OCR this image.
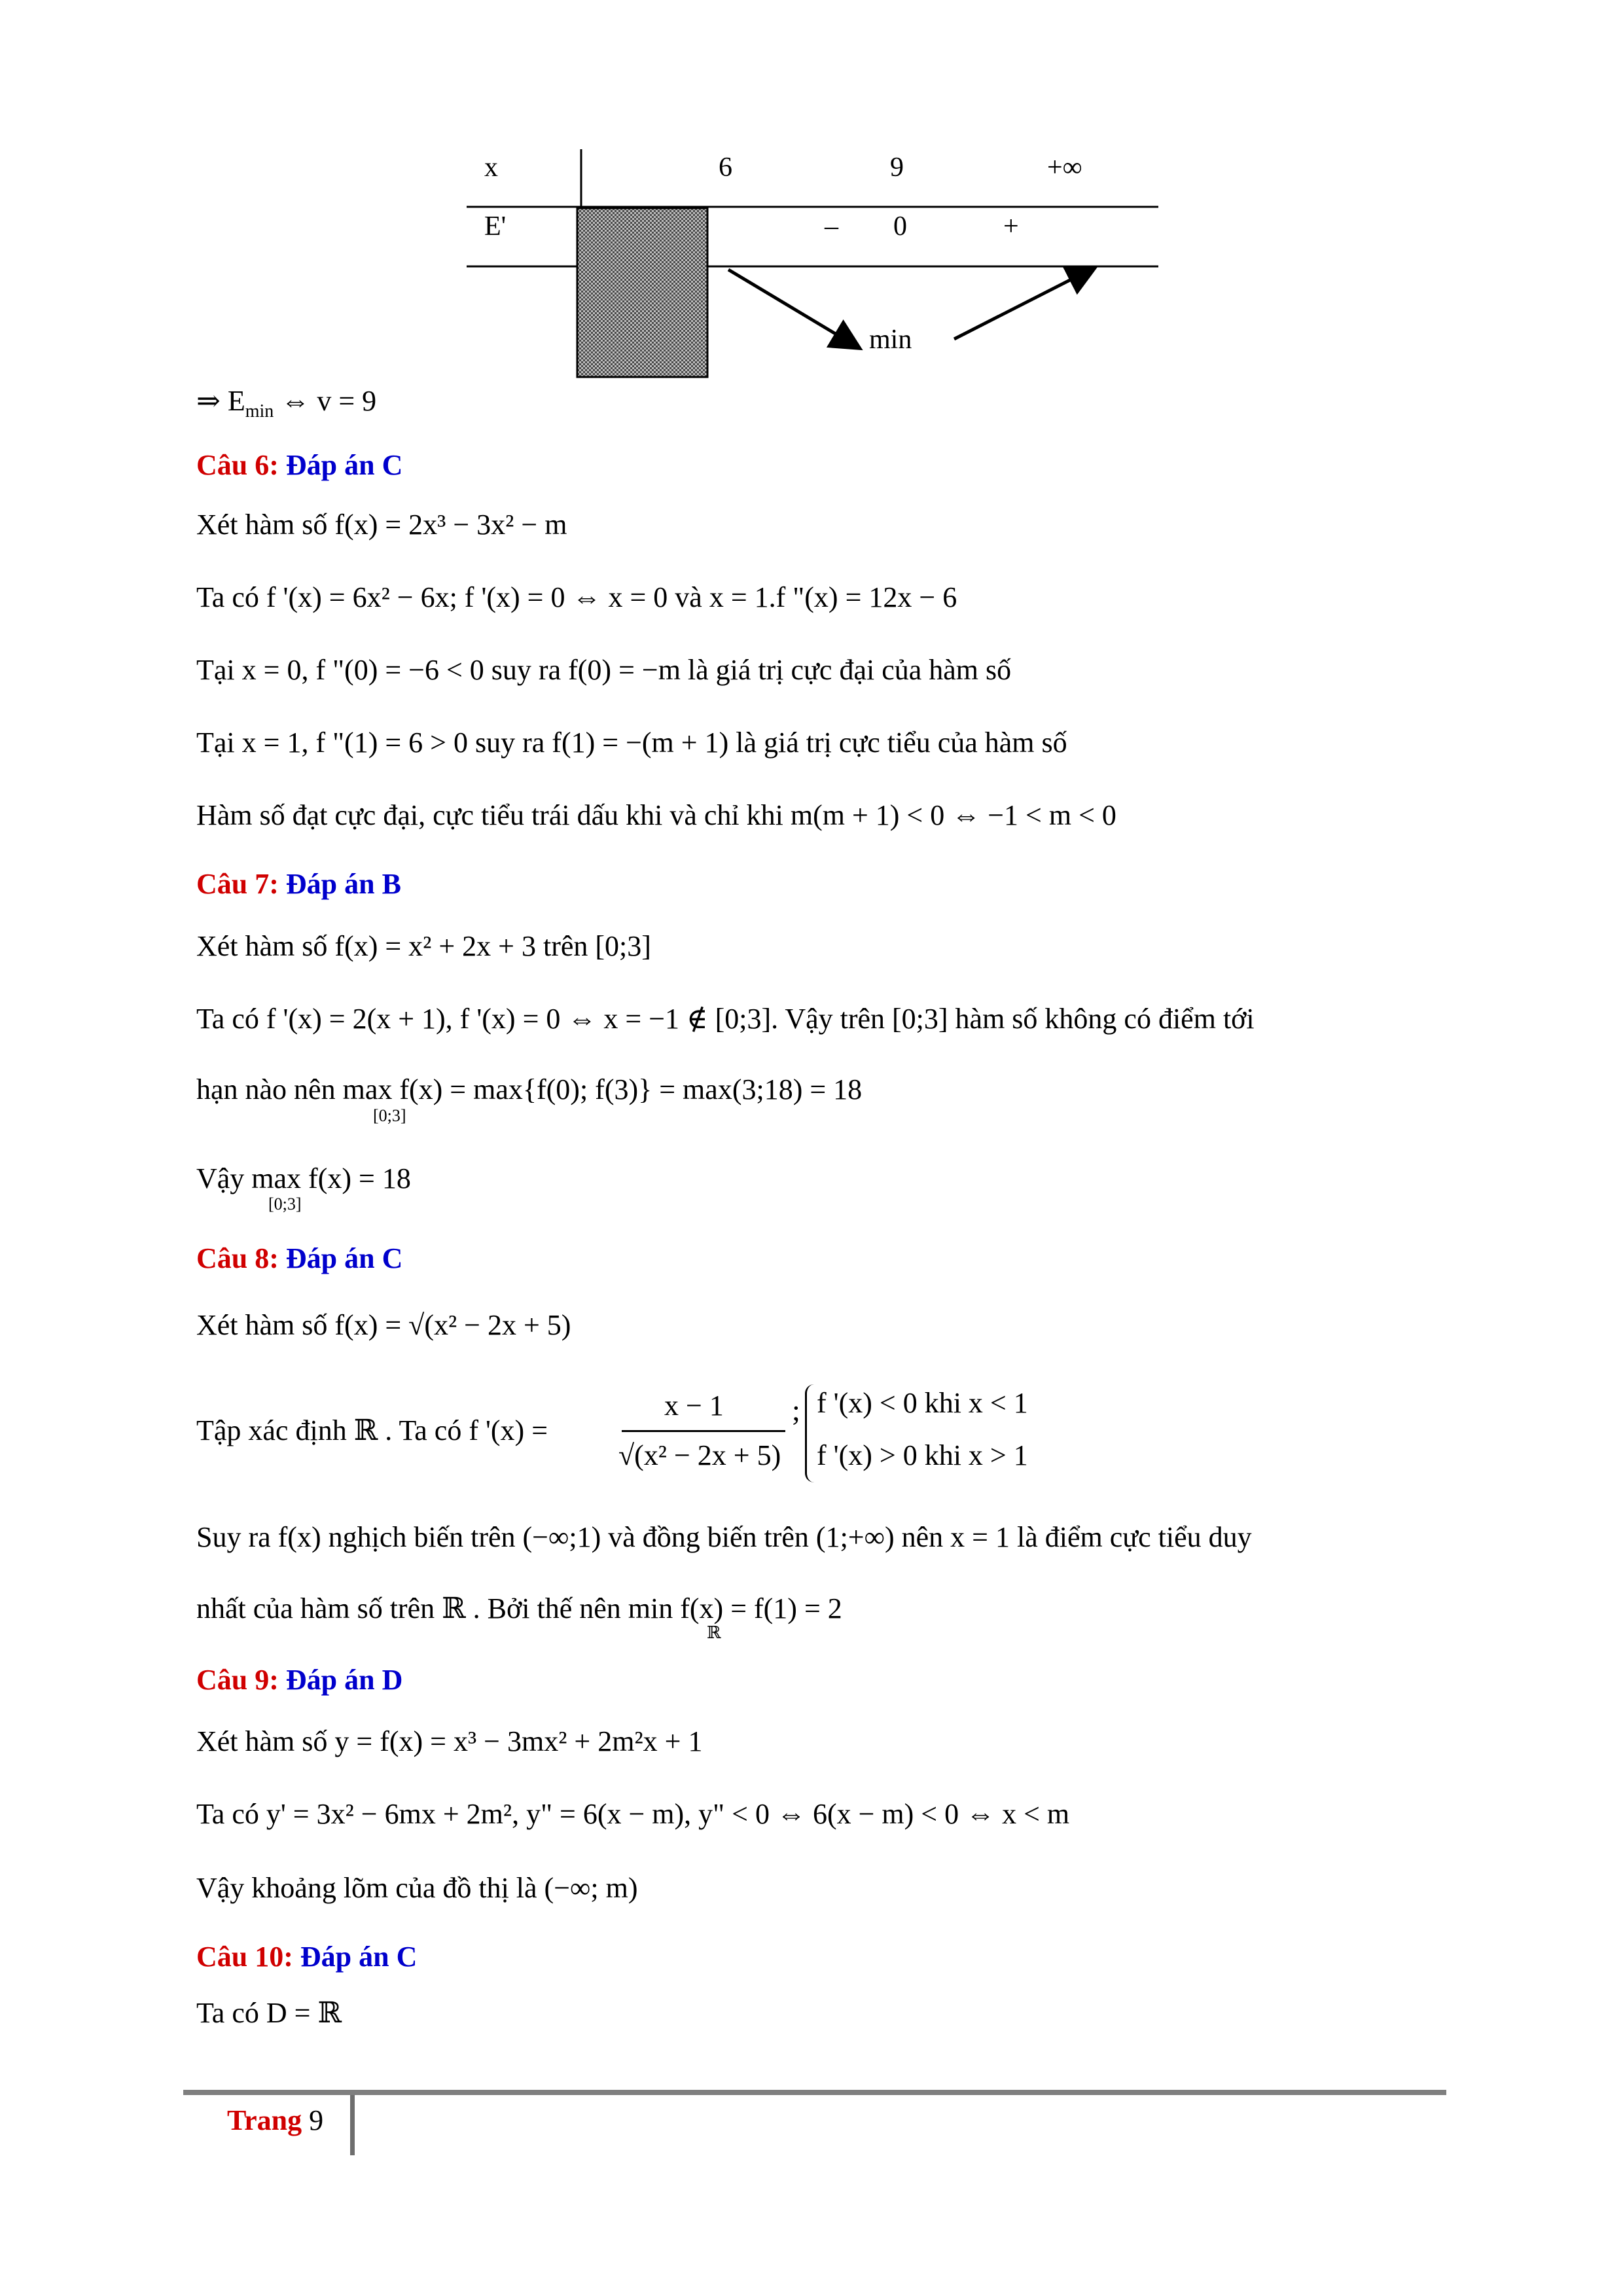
x	6	9	+∞
E'	– 0	+
min
⇒ $E_{min}$ ⇔ v = 9
Câu 6: Đáp án C
Xét hàm số f(x) = 2x³ − 3x² − m
Ta có f '(x) = 6x² − 6x; f '(x) = 0 ⇔ x = 0 và x = 1.f "(x) = 12x − 6
Tại x = 0, f "(0) = −6 < 0 suy ra f(0) = −m là giá trị cực đại của hàm số
Tại x = 1, f "(1) = 6 > 0 suy ra f(1) = −(m + 1) là giá trị cực tiểu của hàm số
Hàm số đạt cực đại, cực tiểu trái dấu khi và chỉ khi m(m + 1) < 0 ⇔ −1 < m < 0
Câu 7: Đáp án B
Xét hàm số f(x) = x² + 2x + 3 trên [0;3]
Ta có f '(x) = 2(x + 1), f '(x) = 0 ⇔ x = −1 ∉ [0;3]. Vậy trên [0;3] hàm số không có điểm tới
hạn nào nên max f(x) = max{f(0); f(3)} = max(3;18) = 18
[0;3]
Vậy max f(x) = 18
[0;3]
Câu 8: Đáp án C
Xét hàm số f(x) = √(x² − 2x + 5)
Tập xác định ℝ . Ta có f '(x) =
x − 1
√(x² − 2x + 5)
; f '(x) < 0 khi x < 1
f '(x) > 0 khi x > 1
Suy ra f(x) nghịch biến trên (−∞;1) và đồng biến trên (1;+∞) nên x = 1 là điểm cực tiểu duy
nhất của hàm số trên ℝ . Bởi thế nên min f(x) = f(1) = 2
ℝ
Câu 9: Đáp án D
Xét hàm số y = f(x) = x³ − 3mx² + 2m²x + 1
Ta có y' = 3x² − 6mx + 2m², y" = 6(x − m), y" < 0 ⇔ 6(x − m) < 0 ⇔ x < m
Vậy khoảng lõm của đồ thị là (−∞; m)
Câu 10: Đáp án C
Ta có D = ℝ
Trang 9
